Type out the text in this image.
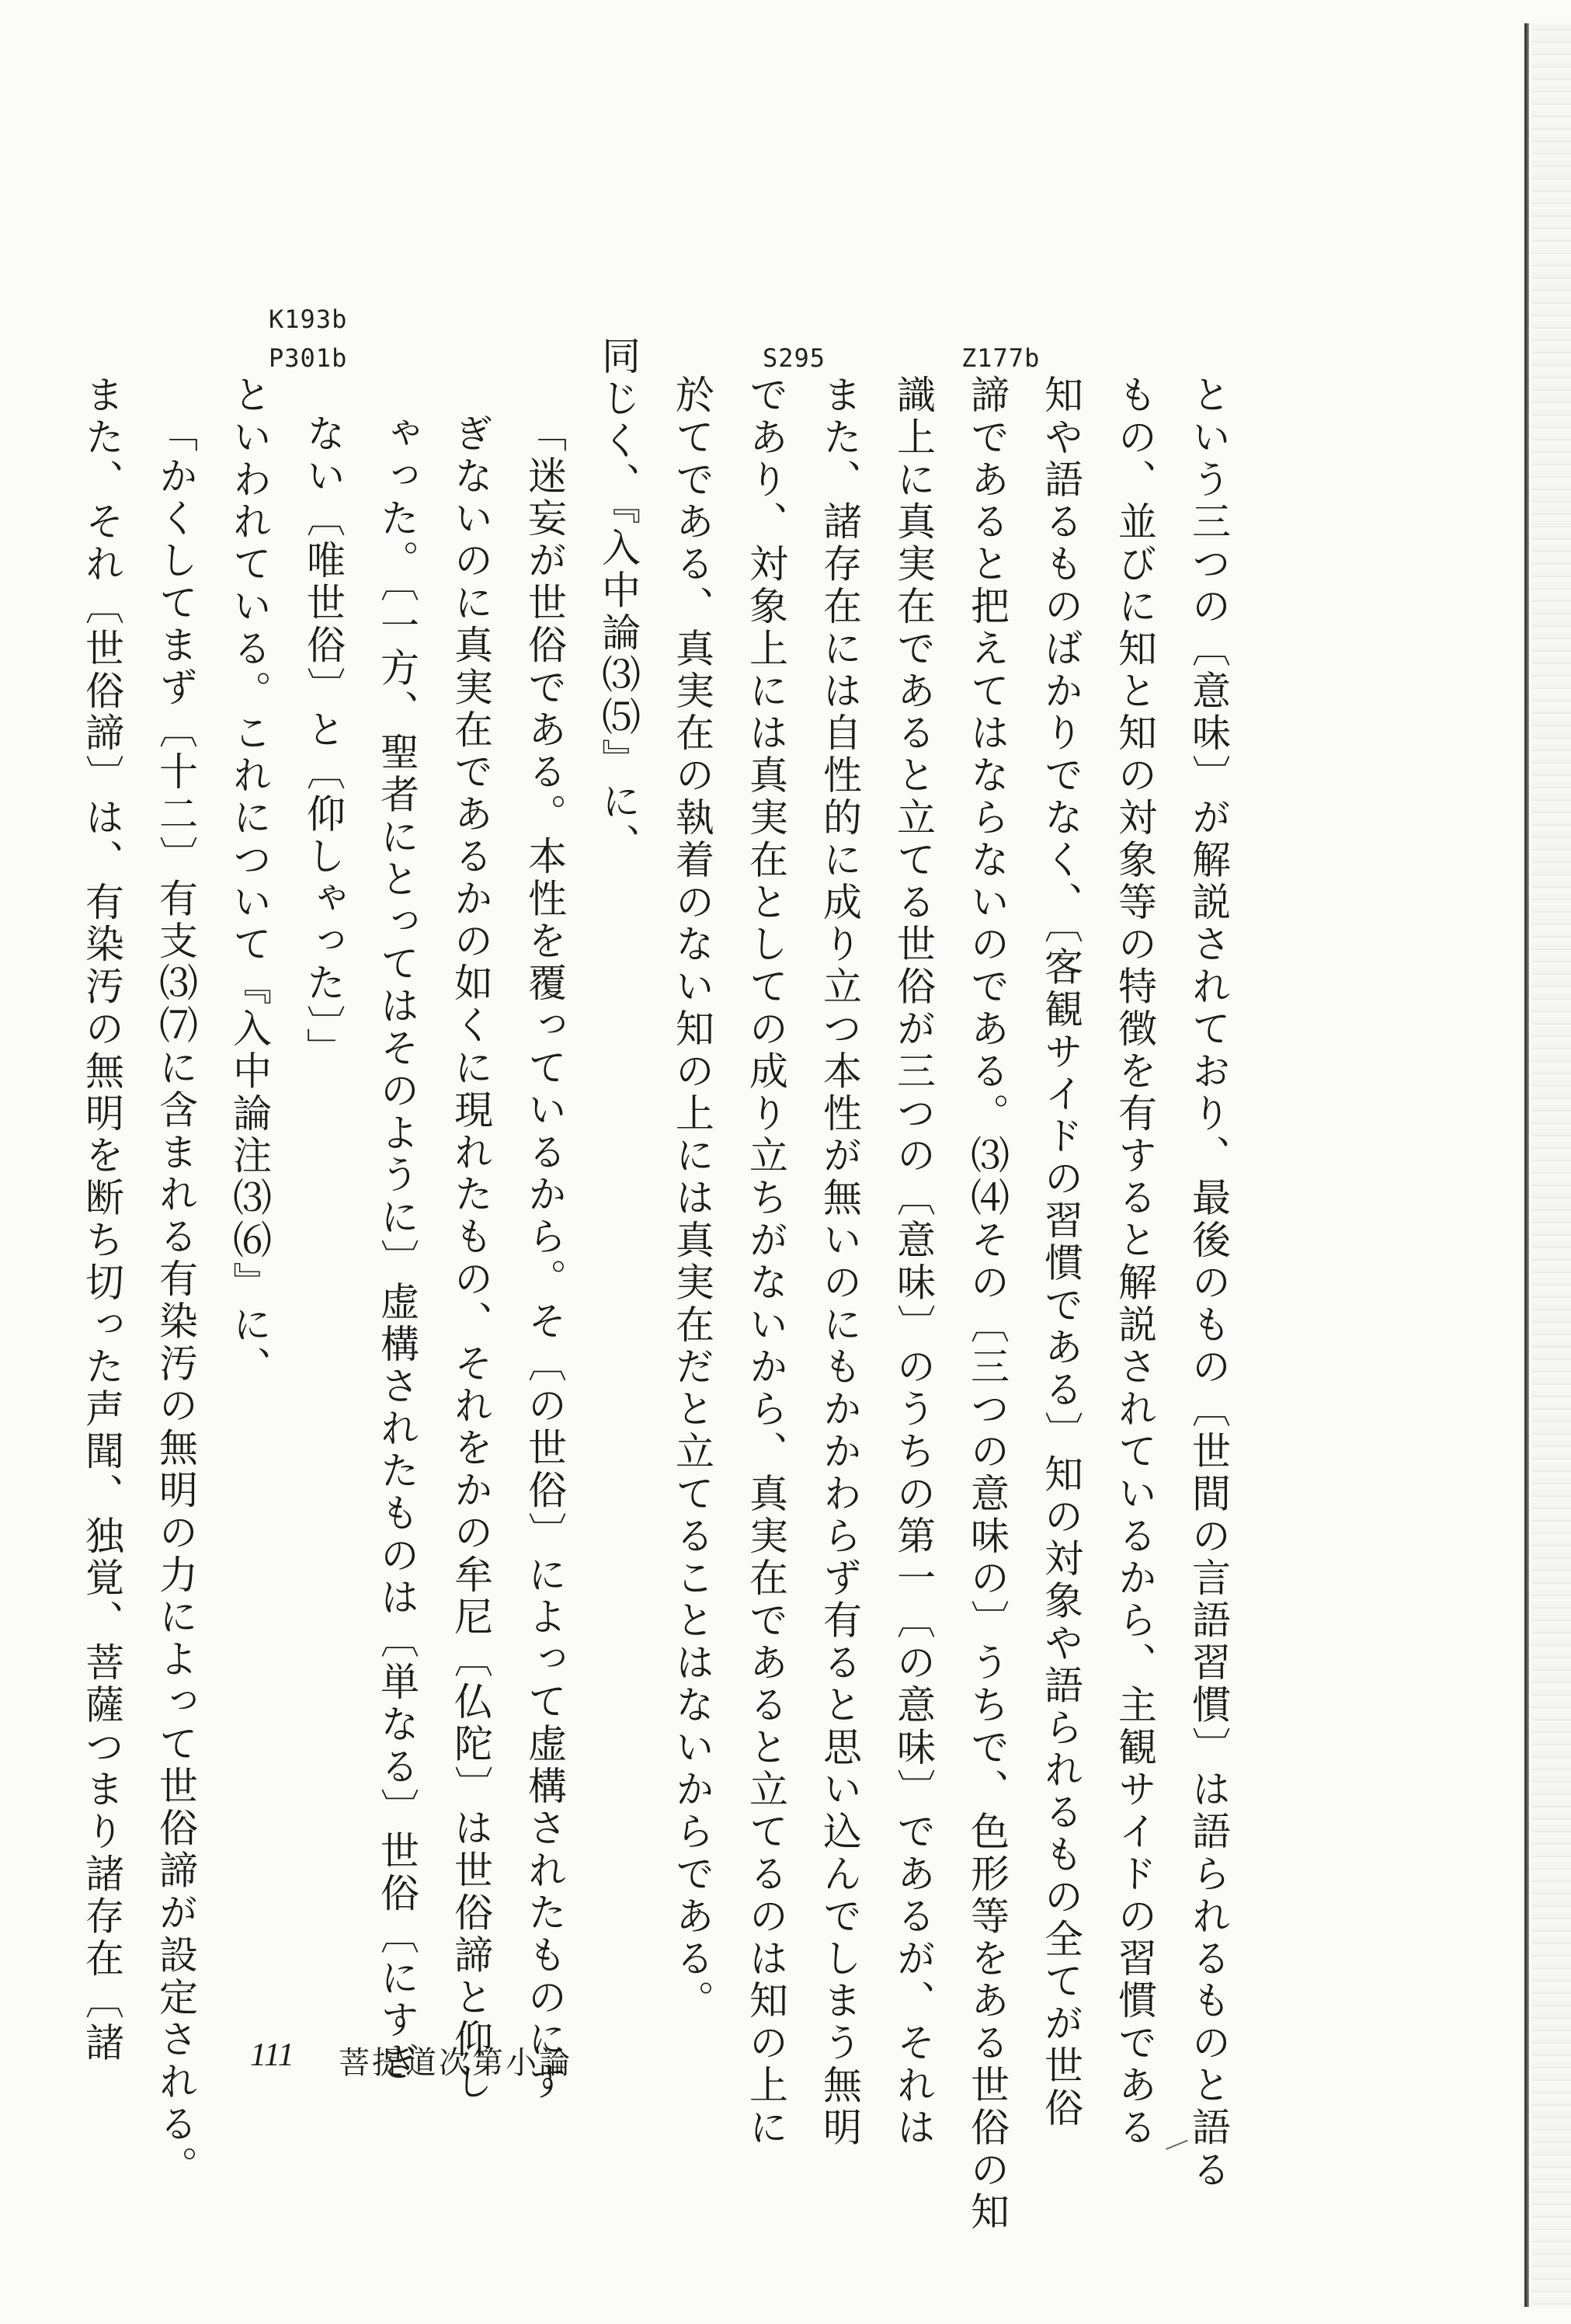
K193b
P301b	S295	Z177b
という三つの〔意味〕が解説されており、最後のもの〔世間の言語習慣〕は語られるものと語る
もの、並びに知と知の対象等の特徴を有すると解説されているから、主観サイドの習慣である
知や語るものばかりでなく、〔客観サイドの習慣である〕知の対象や語られるもの全てが世俗
諦であると把えてはならないのである。⑶⑷その〔三つの意味の〕うちで、色形等をある世俗の知
識上に真実在であると立てる世俗が三つの〔意味〕のうちの第一〔の意味〕であるが、それは
また、諸存在には自性的に成り立つ本性が無いのにもかかわらず有ると思い込んでしまう無明
であり、対象上には真実在としての成り立ちがないから、真実在であると立てるのは知の上に
於てである、真実在の執着のない知の上には真実在だと立てることはないからである。
同じく、『入中論⑶⑸』に、
「迷妄が世俗である。本性を覆っているから。そ〔の世俗〕によって虚構されたものにす
ぎないのに真実在であるかの如くに現れたもの、それをかの牟尼〔仏陀〕は世俗諦と仰し
ゃった。〔一方、聖者にとってはそのように〕虚構されたものは〔単なる〕世俗〔にすぎ
ない〔唯世俗〕と〔仰しゃった〕」
といわれている。これについて『入中論注⑶⑹』に、
「かくしてまず〔十二〕有支⑶⑺に含まれる有染汚の無明の力によって世俗諦が設定される。
また、それ〔世俗諦〕は、有染汚の無明を断ち切った声聞、独覚、菩薩つまり諸存在〔諸	111 菩提道次第小論
